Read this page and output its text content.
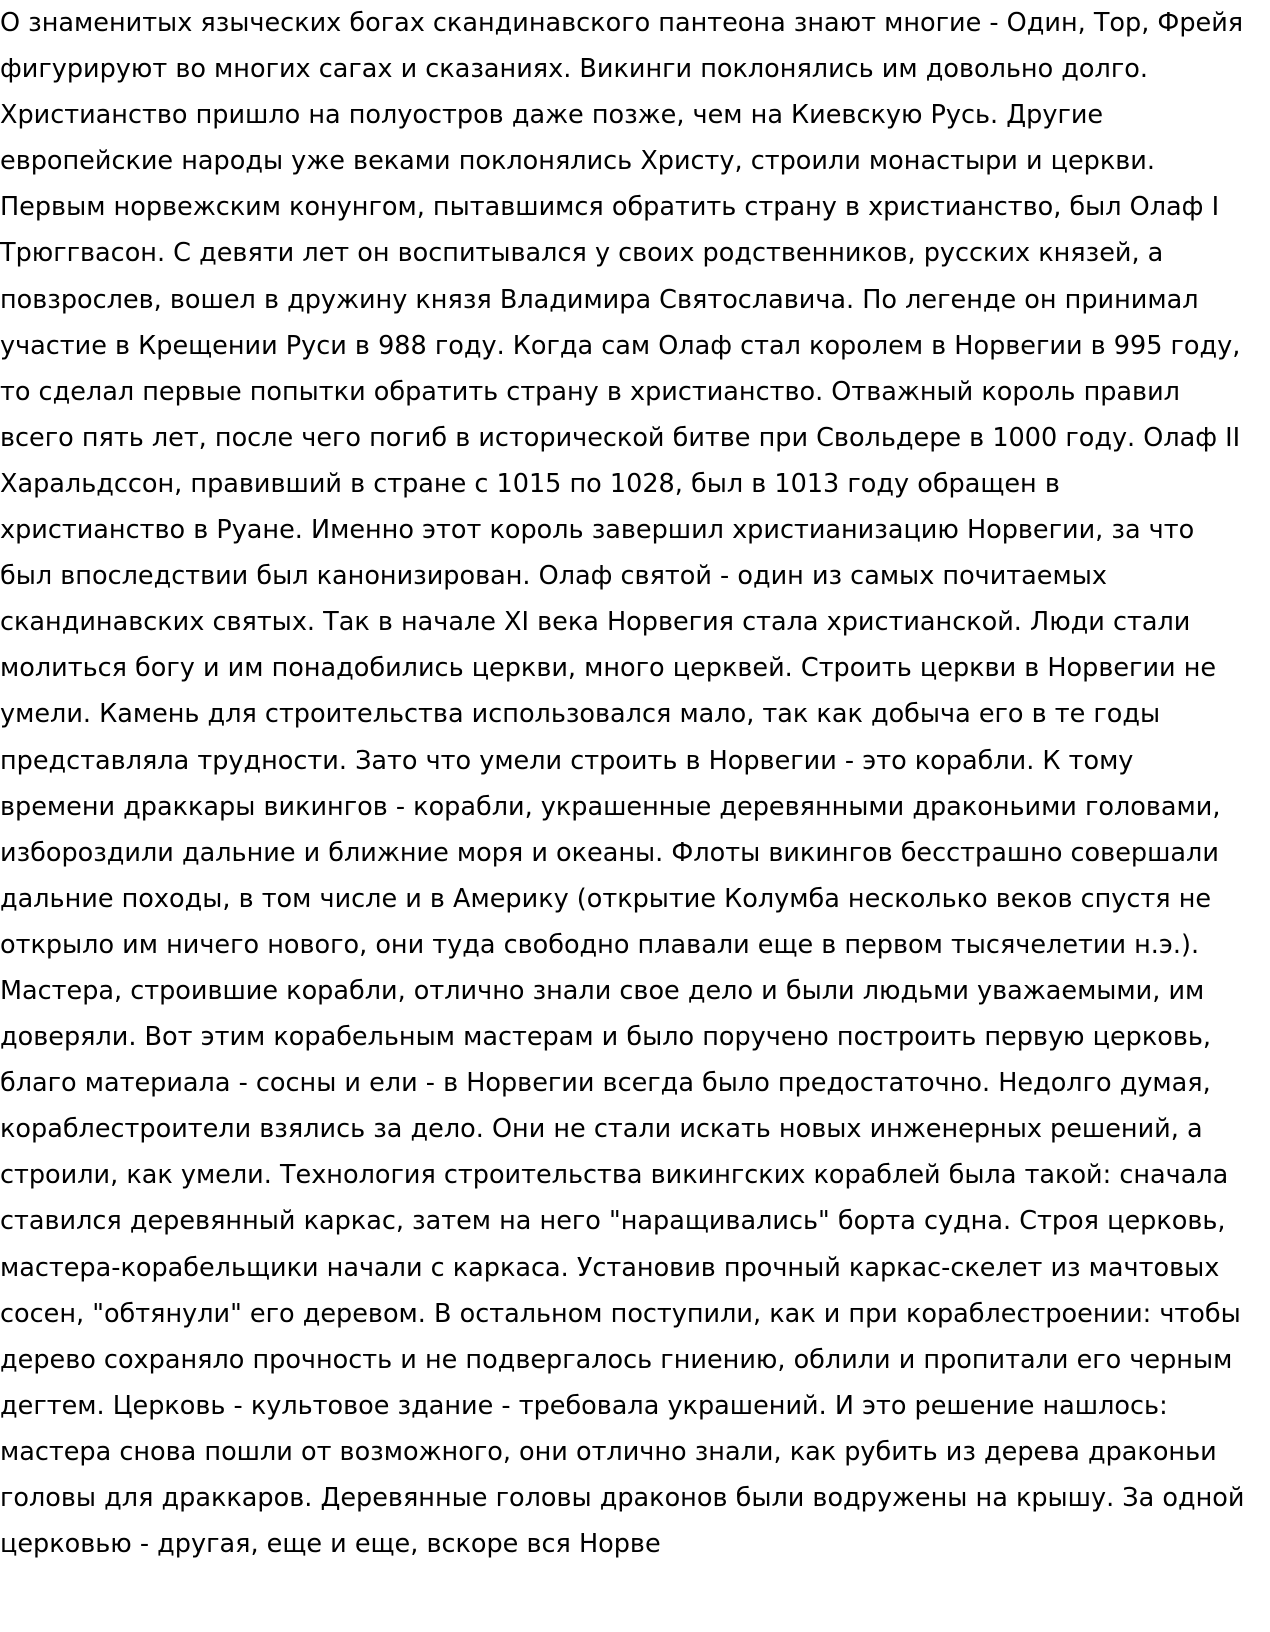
О знаменитых языческих богах скандинавского пантеона знают многие - Один, Тор, Фрейя
фигурируют во многих сагах и сказаниях. Викинги поклонялись им довольно долго.
Христианство пришло на полуостров даже позже, чем на Киевскую Русь. Другие
европейские народы уже веками поклонялись Христу, строили монастыри и церкви.
Первым норвежским конунгом, пытавшимся обратить страну в христианство, был Олаф I
Трюггвасон. С девяти лет он воспитывался у своих родственников, русских князей, а
повзрослев, вошел в дружину князя Владимира Святославича. По легенде он принимал
участие в Крещении Руси в 988 году. Когда сам Олаф стал королем в Норвегии в 995 году,
то сделал первые попытки обратить страну в христианство. Отважный король правил
всего пять лет, после чего погиб в исторической битве при Свольдере в 1000 году. Олаф II
Харальдссон, правивший в стране с 1015 по 1028, был в 1013 году обращен в
христианство в Руане. Именно этот король завершил христианизацию Норвегии, за что
был впоследствии был канонизирован. Олаф святой - один из самых почитаемых
скандинавских святых. Так в начале XI века Норвегия стала христианской. Люди стали
молиться богу и им понадобились церкви, много церквей. Строить церкви в Норвегии не
умели. Камень для строительства использовался мало, так как добыча его в те годы
представляла трудности. Зато что умели строить в Норвегии - это корабли. К тому
времени драккары викингов - корабли, украшенные деревянными драконьими головами,
избороздили дальние и ближние моря и океаны. Флоты викингов бесстрашно совершали
дальние походы, в том числе и в Америку (открытие Колумба несколько веков спустя не
открыло им ничего нового, они туда свободно плавали еще в первом тысячелетии н.э.).
Мастера, строившие корабли, отлично знали свое дело и были людьми уважаемыми, им
доверяли. Вот этим корабельным мастерам и было поручено построить первую церковь,
благо материала - сосны и ели - в Норвегии всегда было предостаточно. Недолго думая,
кораблестроители взялись за дело. Они не стали искать новых инженерных решений, а
строили, как умели. Технология строительства викингских кораблей была такой: сначала
ставился деревянный каркас, затем на него "наращивались" борта судна. Строя церковь,
мастера-корабельщики начали с каркаса. Установив прочный каркас-скелет из мачтовых
сосен, "обтянули" его деревом. В остальном поступили, как и при кораблестроении: чтобы
дерево сохраняло прочность и не подвергалось гниению, облили и пропитали его черным
дегтем. Церковь - культовое здание - требовала украшений. И это решение нашлось:
мастера снова пошли от возможного, они отлично знали, как рубить из дерева драконьи
головы для драккаров. Деревянные головы драконов были водружены на крышу. За одной
церковью - другая, еще и еще, вскоре вся Норве
